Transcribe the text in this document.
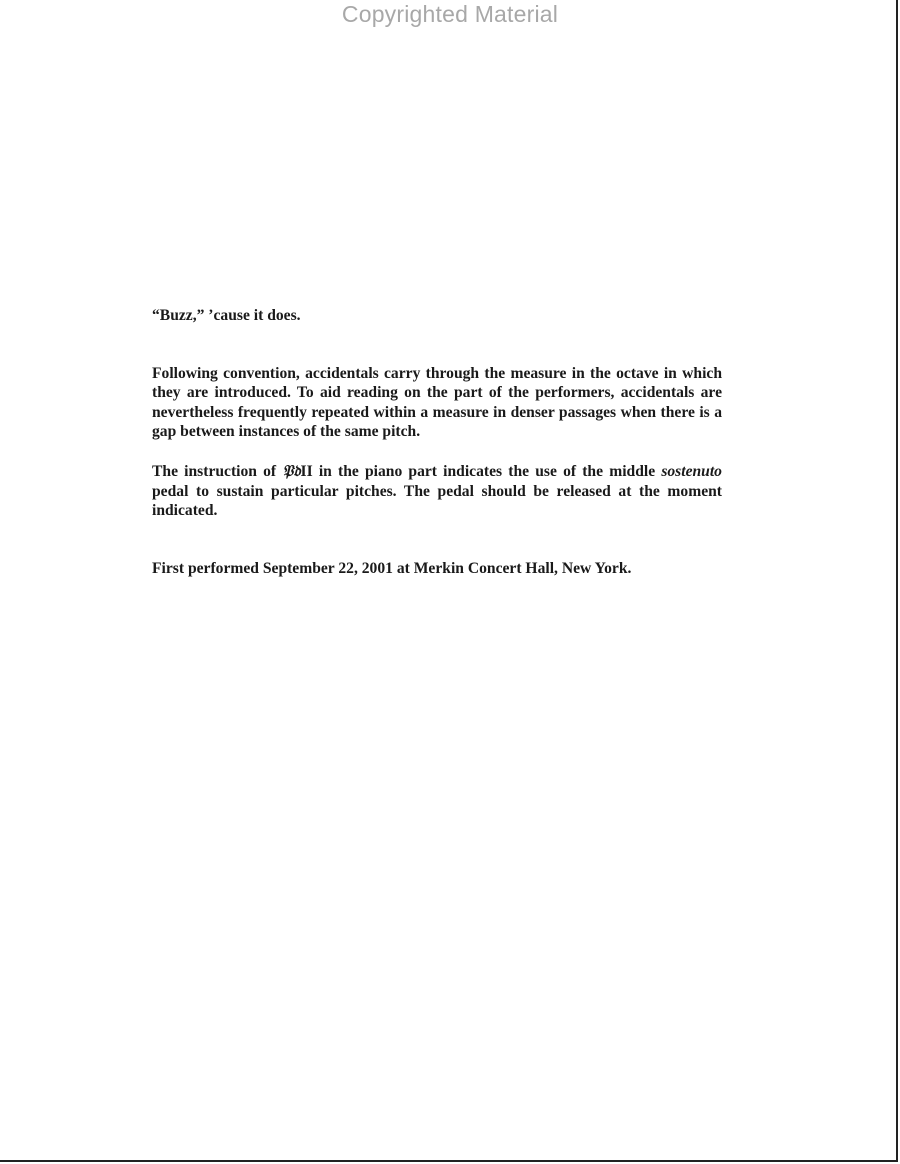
Copyrighted Material

“Buzz,” ’cause it does.

Following convention, accidentals carry through the measure in the octave in which they are introduced. To aid reading on the part of the performers, accidentals are nevertheless frequently repeated within a measure in denser passages when there is a gap between instances of the same pitch.

The instruction of 𝔓𝔡II in the piano part indicates the use of the middle sostenuto pedal to sustain particular pitches. The pedal should be released at the moment indicated.

First performed September 22, 2001 at Merkin Concert Hall, New York.
